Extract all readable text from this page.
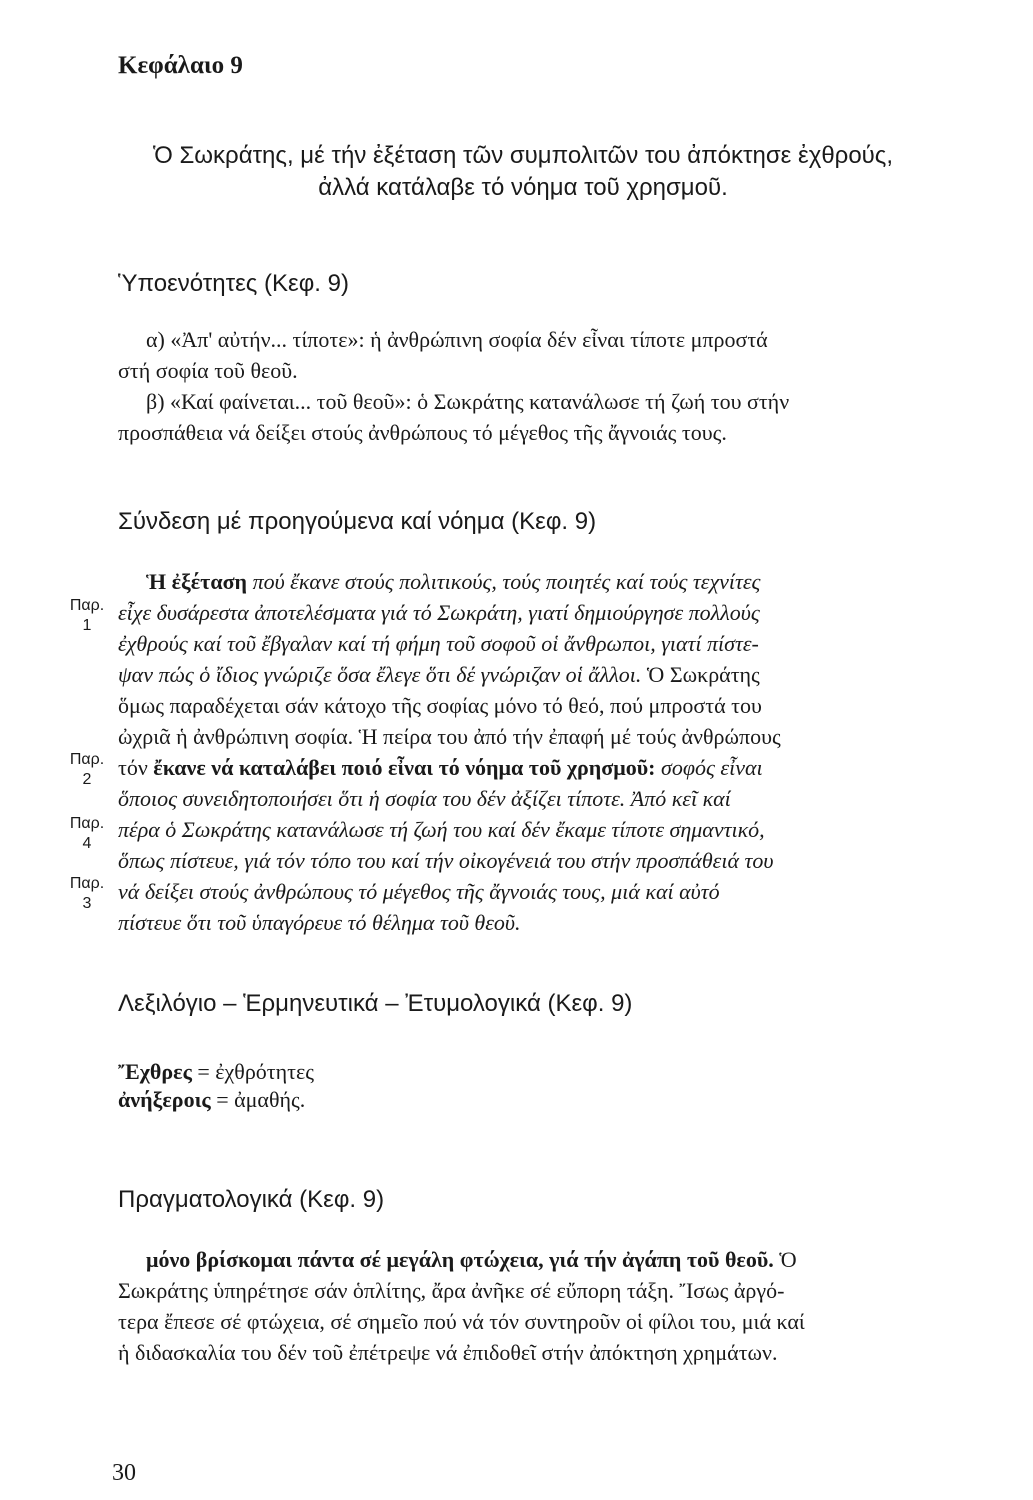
Κεφάλαιο 9
Ὁ Σωκράτης, μέ τήν ἐξέταση τῶν συμπολιτῶν του ἀπόκτησε ἐχθρούς,
ἀλλά κατάλαβε τό νόημα τοῦ χρησμοῦ.
Ὑποενότητες (Κεφ. 9)
α) «Ἀπ' αὐτήν... τίποτε»: ἡ ἀνθρώπινη σοφία δέν εἶναι τίποτε μπροστά
στή σοφία τοῦ θεοῦ.
β) «Καί φαίνεται... τοῦ θεοῦ»: ὁ Σωκράτης κατανάλωσε τή ζωή του στήν
προσπάθεια νά δείξει στούς ἀνθρώπους τό μέγεθος τῆς ἄγνοιάς τους.
Σύνδεση μέ προηγούμενα καί νόημα (Κεφ. 9)
Ἡ ἐξέταση πού ἔκανε στούς πολιτικούς, τούς ποιητές καί τούς τεχνίτες
εἶχε δυσάρεστα ἀποτελέσματα γιά τό Σωκράτη, γιατί δημιούργησε πολλούς
ἐχθρούς καί τοῦ ἔβγαλαν καί τή φήμη τοῦ σοφοῦ οἱ ἄνθρωποι, γιατί πίστε-
ψαν πώς ὁ ἴδιος γνώριζε ὅσα ἔλεγε ὅτι δέ γνώριζαν οἱ ἄλλοι. Ὁ Σωκράτης
ὅμως παραδέχεται σάν κάτοχο τῆς σοφίας μόνο τό θεό, πού μπροστά του
ὠχριᾶ ἡ ἀνθρώπινη σοφία. Ἡ πείρα του ἀπό τήν ἐπαφή μέ τούς ἀνθρώπους
τόν ἔκανε νά καταλάβει ποιό εἶναι τό νόημα τοῦ χρησμοῦ: σοφός εἶναι
ὅποιος συνειδητοποιήσει ὅτι ἡ σοφία του δέν ἀξίζει τίποτε. Ἀπό κεῖ καί
πέρα ὁ Σωκράτης κατανάλωσε τή ζωή του καί δέν ἔκαμε τίποτε σημαντικό,
ὅπως πίστευε, γιά τόν τόπο του καί τήν οἰκογένειά του στήν προσπάθειά του
νά δείξει στούς ἀνθρώπους τό μέγεθος τῆς ἄγνοιάς τους, μιά καί αὐτό
πίστευε ὅτι τοῦ ὑπαγόρευε τό θέλημα τοῦ θεοῦ.
Παρ.
1
Παρ.
2
Παρ.
4
Παρ.
3
Λεξιλόγιο – Ἑρμηνευτικά – Ἐτυμολογικά (Κεφ. 9)
Ἔχθρες = ἐχθρότητες
ἀνήξεροις = ἀμαθής.
Πραγματολογικά (Κεφ. 9)
μόνο βρίσκομαι πάντα σέ μεγάλη φτώχεια, γιά τήν ἀγάπη τοῦ θεοῦ. Ὁ
Σωκράτης ὑπηρέτησε σάν ὁπλίτης, ἄρα ἀνῆκε σέ εὔπορη τάξη. Ἴσως ἀργό-
τερα ἔπεσε σέ φτώχεια, σέ σημεῖο πού νά τόν συντηροῦν οἱ φίλοι του, μιά καί
ἡ διδασκαλία του δέν τοῦ ἐπέτρεψε νά ἐπιδοθεῖ στήν ἀπόκτηση χρημάτων.
30
